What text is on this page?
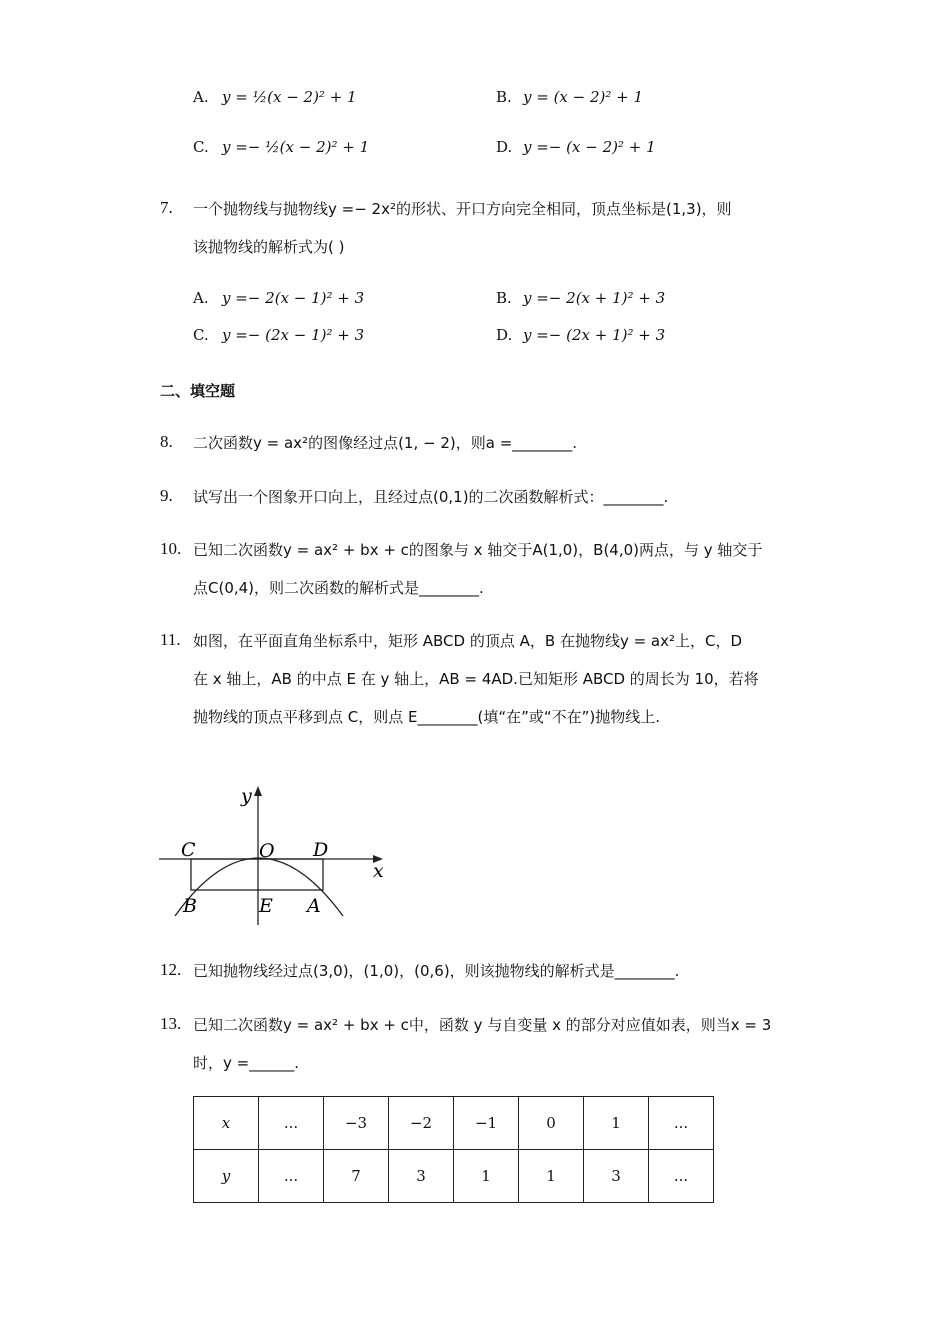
A. y = ½(x − 2)² + 1	B. y = (x − 2)² + 1
C. y =− ½(x − 2)² + 1	D. y =− (x − 2)² + 1
7. 一个抛物线与抛物线y =− 2x²的形状、开口方向完全相同，顶点坐标是(1,3)，则
该抛物线的解析式为( )
A. y =− 2(x − 1)² + 3	B. y =− 2(x + 1)² + 3
C. y =− (2x − 1)² + 3	D. y =− (2x + 1)² + 3
二、填空题
8. 二次函数y = ax²的图像经过点(1, − 2)，则a =________.
9. 试写出一个图象开口向上，且经过点(0,1)的二次函数解析式：________.
10. 已知二次函数y = ax² + bx + c的图象与 x 轴交于A(1,0)，B(4,0)两点，与 y 轴交于
点C(0,4)，则二次函数的解析式是________.
11. 如图，在平面直角坐标系中，矩形 ABCD 的顶点 A，B 在抛物线y = ax²上，C，D
在 x 轴上，AB 的中点 E 在 y 轴上，AB = 4AD.已知矩形 ABCD 的周长为 10，若将
抛物线的顶点平移到点 C，则点 E________(填“在”或“不在”)抛物线上.
y
x
O
C	D
B	E A
12. 已知抛物线经过点(3,0)，(1,0)，(0,6)，则该抛物线的解析式是________.
13. 已知二次函数y = ax² + bx + c中，函数 y 与自变量 x 的部分对应值如表，则当x = 3
时，y =______.
x	...	−3	−2	−1	0	1	...
y	...	7	3	1	1	3	...
